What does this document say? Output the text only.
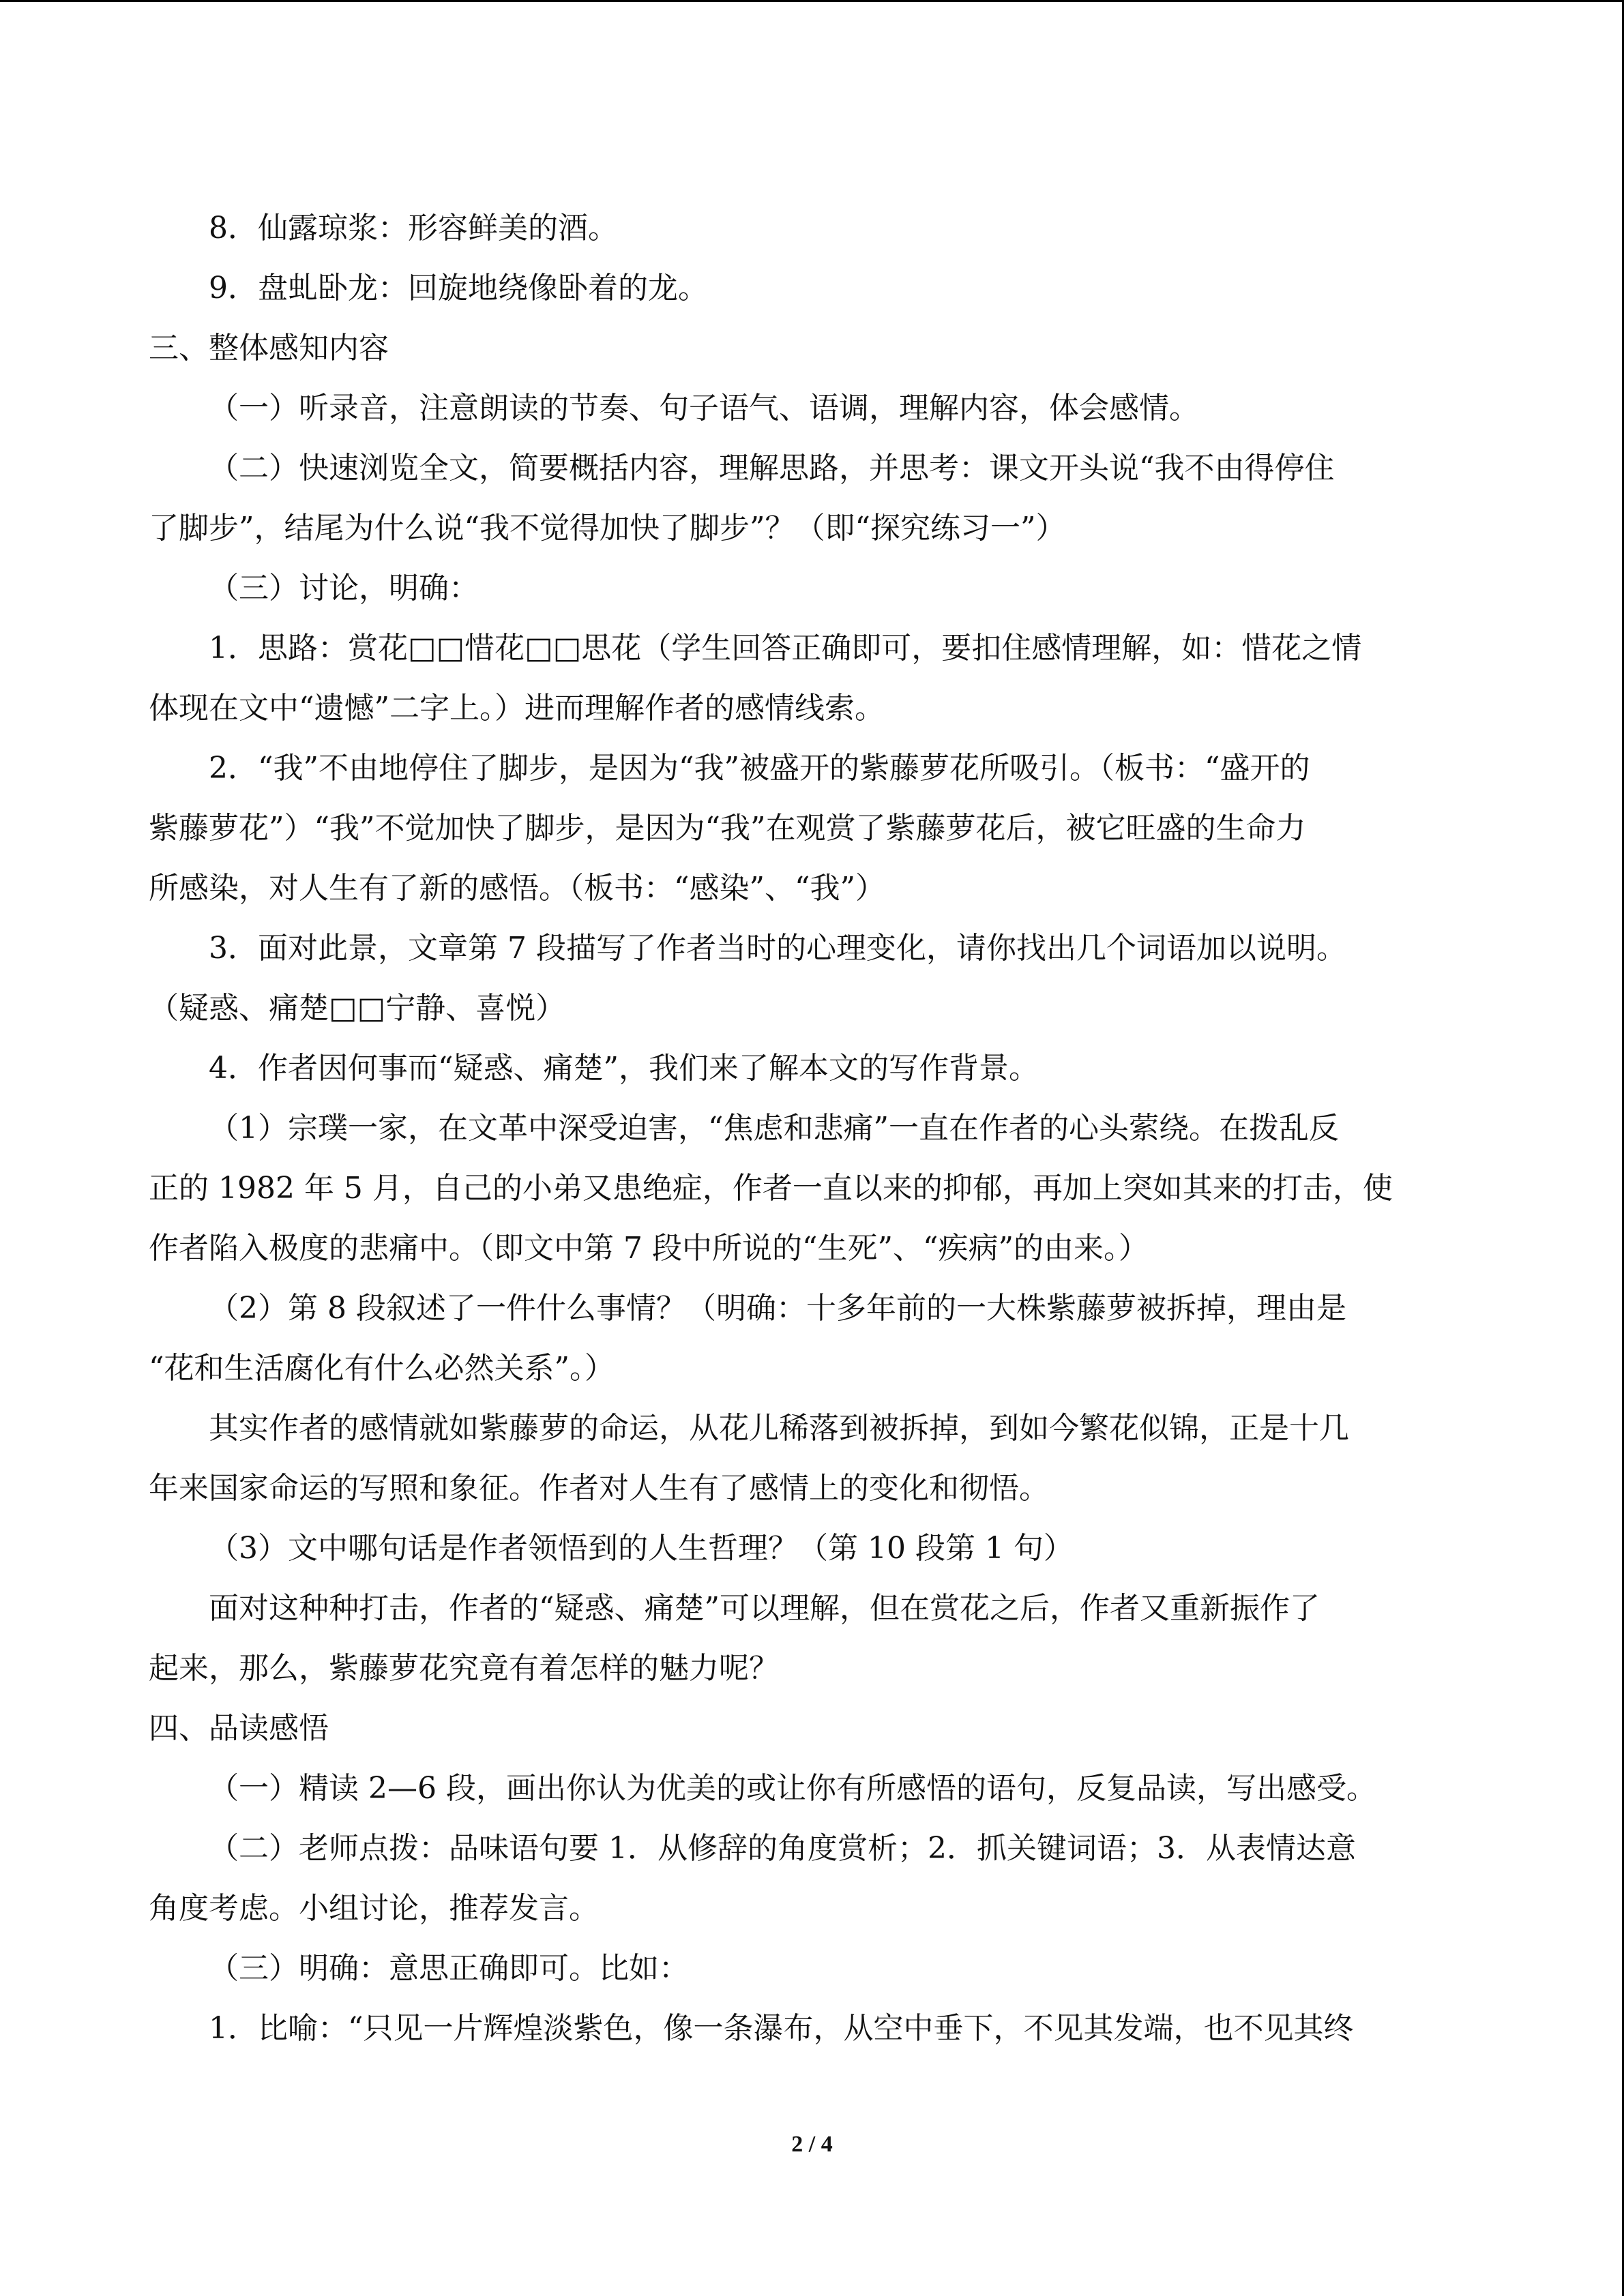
8．仙露琼浆：形容鲜美的酒。
9．盘虬卧龙：回旋地绕像卧着的龙。
三、整体感知内容
（一）听录音，注意朗读的节奏、句子语气、语调，理解内容，体会感情。
（二）快速浏览全文，简要概括内容，理解思路，并思考：课文开头说“我不由得停住
了脚步”，结尾为什么说“我不觉得加快了脚步”？（即“探究练习一”）
（三）讨论，明确：
1．思路：赏花□□惜花□□思花（学生回答正确即可，要扣住感情理解，如：惜花之情
体现在文中“遗憾”二字上。）进而理解作者的感情线索。
2．“我”不由地停住了脚步，是因为“我”被盛开的紫藤萝花所吸引。（板书：“盛开的
紫藤萝花”）“我”不觉加快了脚步，是因为“我”在观赏了紫藤萝花后，被它旺盛的生命力
所感染，对人生有了新的感悟。（板书：“感染”、“我”）
3．面对此景，文章第 7 段描写了作者当时的心理变化，请你找出几个词语加以说明。
（疑惑、痛楚□□宁静、喜悦）
4．作者因何事而“疑惑、痛楚”，我们来了解本文的写作背景。
（1）宗璞一家，在文革中深受迫害，“焦虑和悲痛”一直在作者的心头萦绕。在拨乱反
正的 1982 年 5 月，自己的小弟又患绝症，作者一直以来的抑郁，再加上突如其来的打击，使
作者陷入极度的悲痛中。（即文中第 7 段中所说的“生死”、“疾病”的由来。）
（2）第 8 段叙述了一件什么事情？（明确：十多年前的一大株紫藤萝被拆掉，理由是
“花和生活腐化有什么必然关系”。）
其实作者的感情就如紫藤萝的命运，从花儿稀落到被拆掉，到如今繁花似锦，正是十几
年来国家命运的写照和象征。作者对人生有了感情上的变化和彻悟。
（3）文中哪句话是作者领悟到的人生哲理？（第 10 段第 1 句）
面对这种种打击，作者的“疑惑、痛楚”可以理解，但在赏花之后，作者又重新振作了
起来，那么，紫藤萝花究竟有着怎样的魅力呢？
四、品读感悟
（一）精读 2—6 段，画出你认为优美的或让你有所感悟的语句，反复品读，写出感受。
（二）老师点拨：品味语句要 1．从修辞的角度赏析；2．抓关键词语；3．从表情达意
角度考虑。小组讨论，推荐发言。
（三）明确：意思正确即可。比如：
1．比喻：“只见一片辉煌淡紫色，像一条瀑布，从空中垂下，不见其发端，也不见其终
2 / 4
